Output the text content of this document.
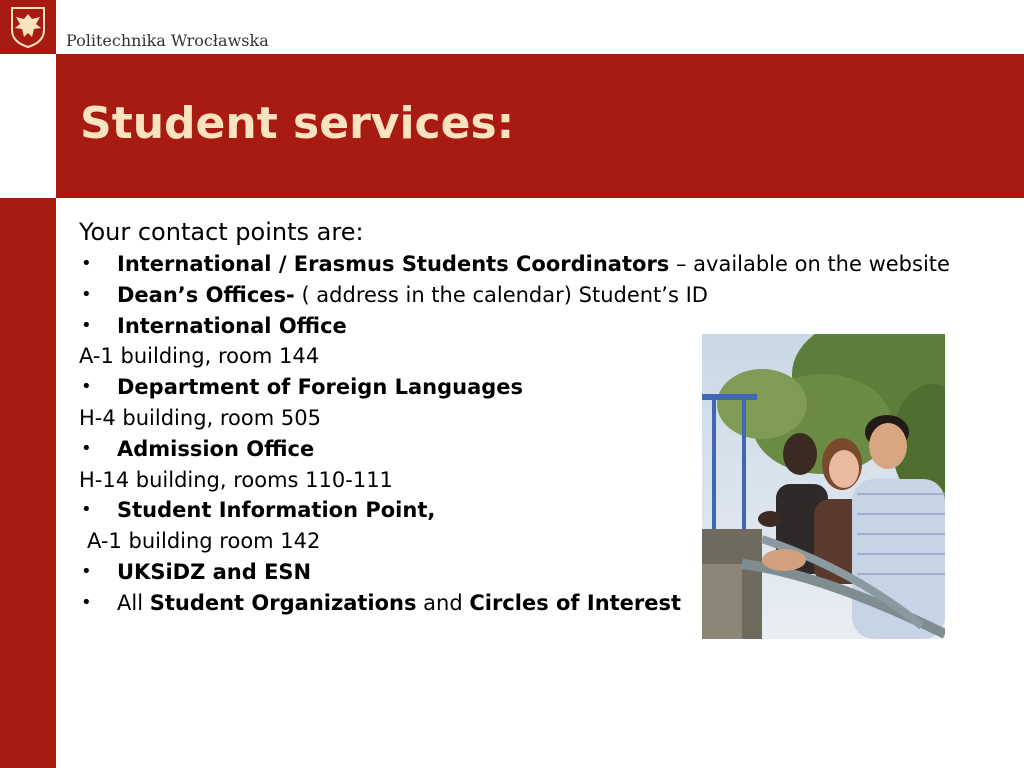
Politechnika Wrocławska
Student services:
Your contact points are:
• International / Erasmus Students Coordinators – available on the website
• Dean’s Offices- ( address in the calendar) Student’s ID
• International Office
A-1 building, room 144
• Department of Foreign Languages
H-4 building, room 505
• Admission Office
H-14 building, rooms 110-111
• Student Information Point,
A-1 building room 142
• UKSiDZ and ESN
• All Student Organizations and Circles of Interest
